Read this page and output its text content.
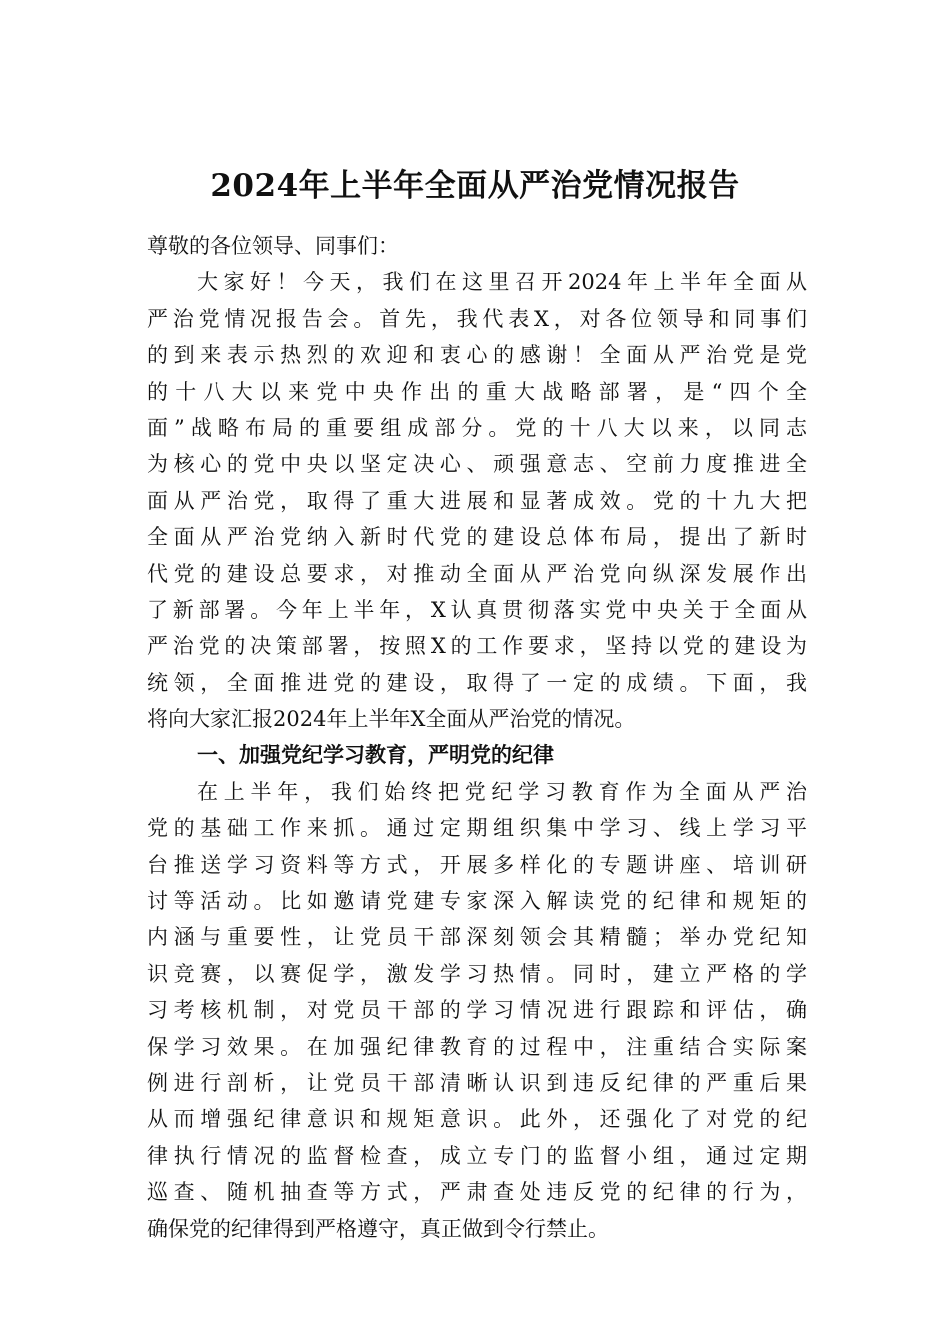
2024年上半年全面从严治党情况报告
尊敬的各位领导、同事们：
大家好！今天，我们在这里召开2024年上半年全面从
严治党情况报告会。首先，我代表X，对各位领导和同事们
的到来表示热烈的欢迎和衷心的感谢！全面从严治党是党
的十八大以来党中央作出的重大战略部署，是“四个全
面”战略布局的重要组成部分。党的十八大以来，以同志
为核心的党中央以坚定决心、顽强意志、空前力度推进全
面从严治党，取得了重大进展和显著成效。党的十九大把
全面从严治党纳入新时代党的建设总体布局，提出了新时
代党的建设总要求，对推动全面从严治党向纵深发展作出
了新部署。今年上半年，X认真贯彻落实党中央关于全面从
严治党的决策部署，按照X的工作要求，坚持以党的建设为
统领，全面推进党的建设，取得了一定的成绩。下面，我
将向大家汇报2024年上半年X全面从严治党的情况。
一、加强党纪学习教育，严明党的纪律
在上半年，我们始终把党纪学习教育作为全面从严治
党的基础工作来抓。通过定期组织集中学习、线上学习平
台推送学习资料等方式，开展多样化的专题讲座、培训研
讨等活动。比如邀请党建专家深入解读党的纪律和规矩的
内涵与重要性，让党员干部深刻领会其精髓；举办党纪知
识竞赛，以赛促学，激发学习热情。同时，建立严格的学
习考核机制，对党员干部的学习情况进行跟踪和评估，确
保学习效果。在加强纪律教育的过程中，注重结合实际案
例进行剖析，让党员干部清晰认识到违反纪律的严重后果
从而增强纪律意识和规矩意识。此外，还强化了对党的纪
律执行情况的监督检查，成立专门的监督小组，通过定期
巡查、随机抽查等方式，严肃查处违反党的纪律的行为，
确保党的纪律得到严格遵守，真正做到令行禁止。
